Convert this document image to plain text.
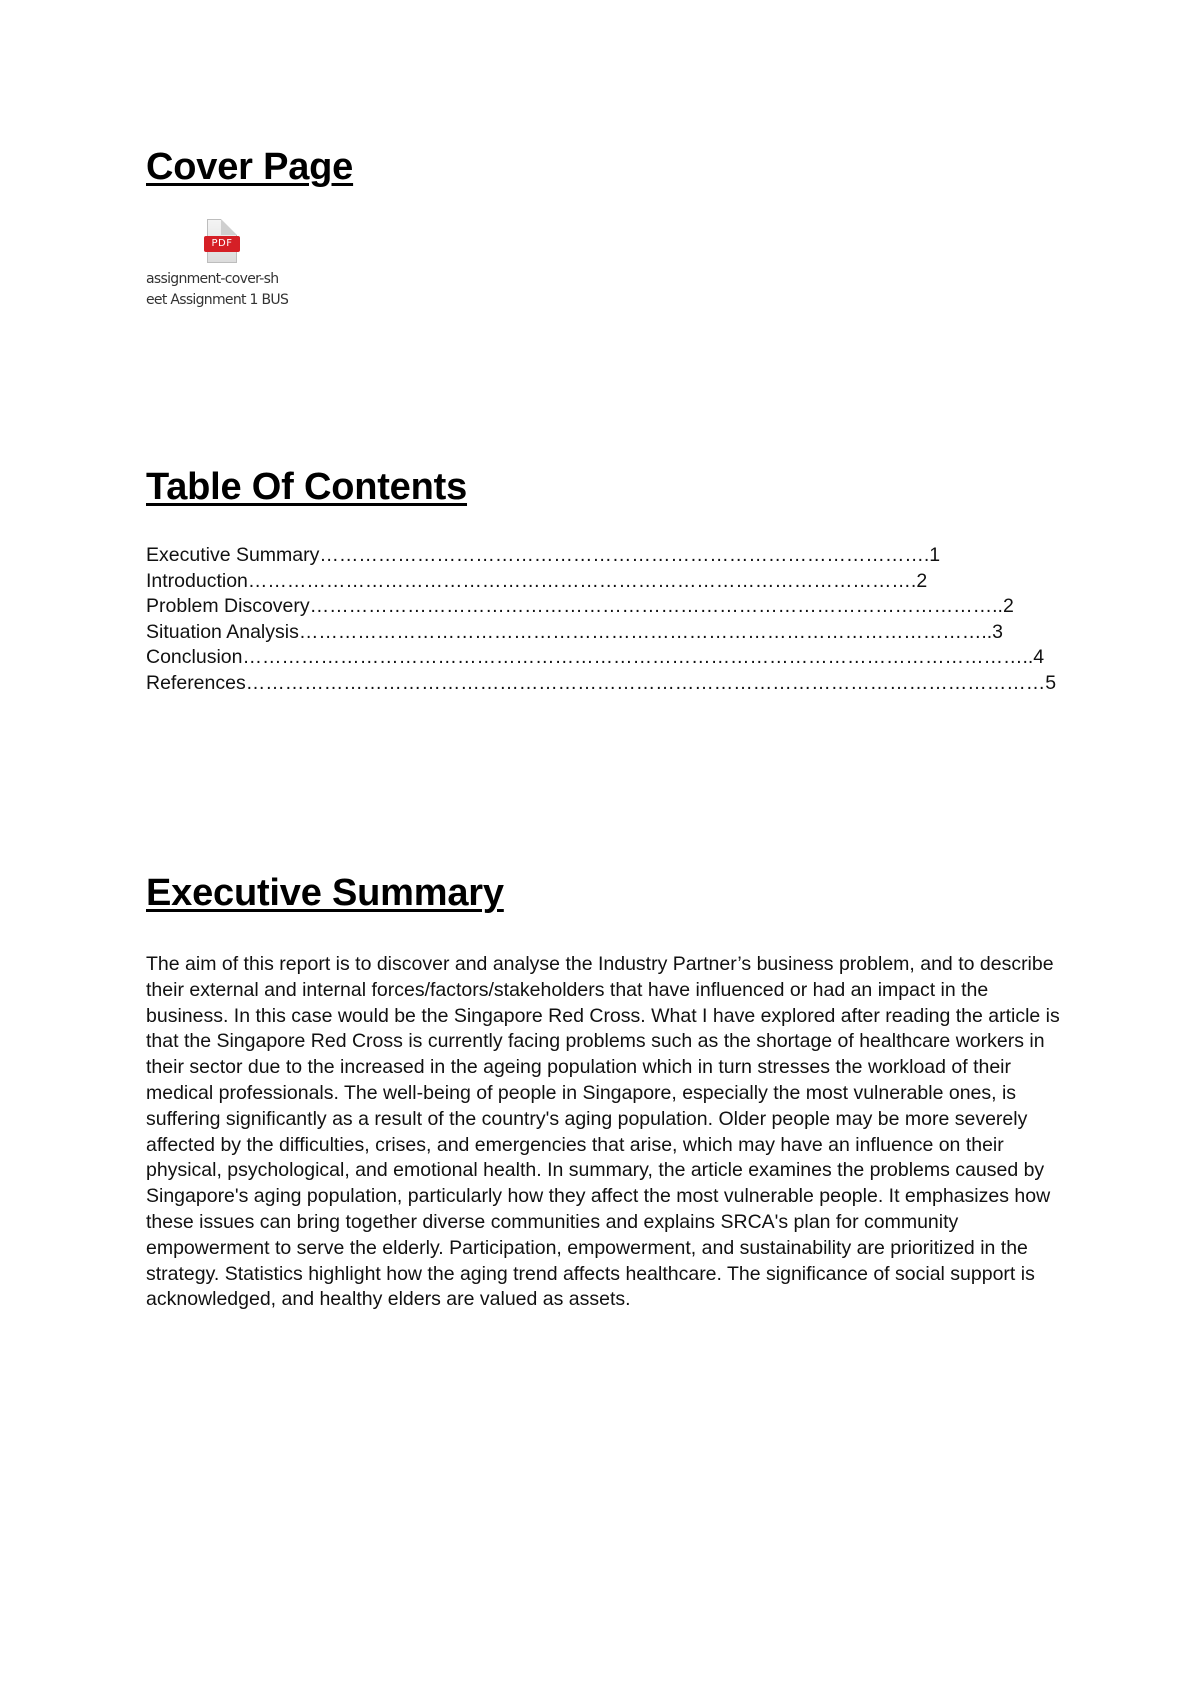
Cover Page
PDF
assignment-cover-sh
eet Assignment 1 BUS
Table Of Contents
Executive Summary………………………………………………………………………………….1
Introduction………………………………………………………………………………………….2
Problem Discovery……………………………………………………………………………………………..2
Situation Analysis……………………………………………………………………………………………..3
Conclusion…………………………………………………………………………………………………………..4
References……………………………………………………………………………………………………………5
Executive Summary

The aim of this report is to discover and analyse the Industry Partner’s business problem, and to describe their external and internal forces/factors/stakeholders that have influenced or had an impact in the business. In this case would be the Singapore Red Cross. What I have explored after reading the article is that the Singapore Red Cross is currently facing problems such as the shortage of healthcare workers in their sector due to the increased in the ageing population which in turn stresses the workload of their medical professionals. The well-being of people in Singapore, especially the most vulnerable ones, is suffering significantly as a result of the country's aging population. Older people may be more severely affected by the difficulties, crises, and emergencies that arise, which may have an influence on their physical, psychological, and emotional health. In summary, the article examines the problems caused by Singapore's aging population, particularly how they affect the most vulnerable people. It emphasizes how these issues can bring together diverse communities and explains SRCA's plan for community empowerment to serve the elderly. Participation, empowerment, and sustainability are prioritized in the strategy. Statistics highlight how the aging trend affects healthcare. The significance of social support is acknowledged, and healthy elders are valued as assets.
